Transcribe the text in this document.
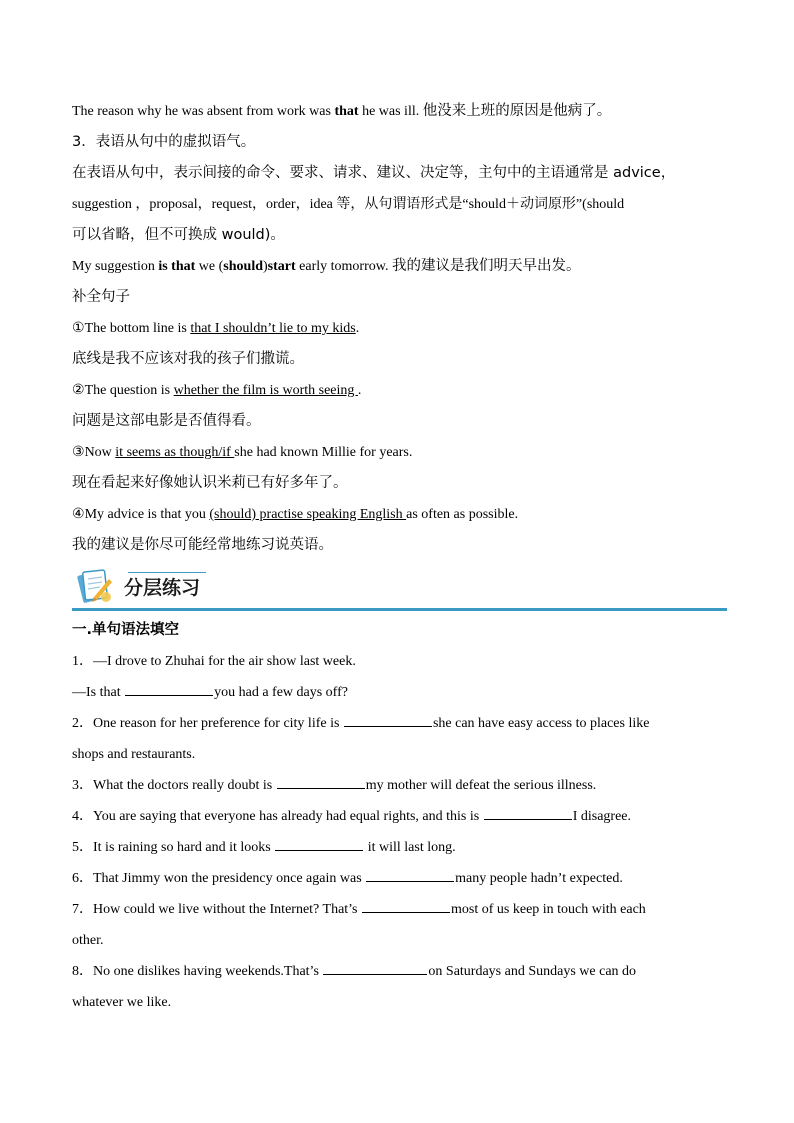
The reason why he was absent from work was that he was ill. 他没来上班的原因是他病了。
3．表语从句中的虚拟语气。
在表语从句中，表示间接的命令、要求、请求、建议、决定等，主句中的主语通常是 advice，
suggestion ，proposal，request，order，idea 等，从句谓语形式是“should＋动词原形”(should
可以省略，但不可换成 would)。
My suggestion is that we (should)start early tomorrow. 我的建议是我们明天早出发。
补全句子
①The bottom line is that I shouldn’t lie to my kids.
底线是我不应该对我的孩子们撒谎。
②The question is whether the film is worth seeing .
问题是这部电影是否值得看。
③Now it seems as though/if she had known Millie for years.
现在看起来好像她认识米莉已有好多年了。
④My advice is that you (should) practise speaking English as often as possible.
我的建议是你尽可能经常地练习说英语。
分层练习
一.单句语法填空
1．—I drove to Zhuhai for the air show last week.
—Is that	you had a few days off?
2．One reason for her preference for city life is	she can have easy access to places like
shops and restaurants.
3．What the doctors really doubt is	my mother will defeat the serious illness.
4．You are saying that everyone has already had equal rights, and this is	I disagree.
5．It is raining so hard and it looks	it will last long.
6．That Jimmy won the presidency once again was	many people hadn’t expected.
7．How could we live without the Internet? That’s	most of us keep in touch with each
other.
8．No one dislikes having weekends.That’s	on Saturdays and Sundays we can do
whatever we like.
